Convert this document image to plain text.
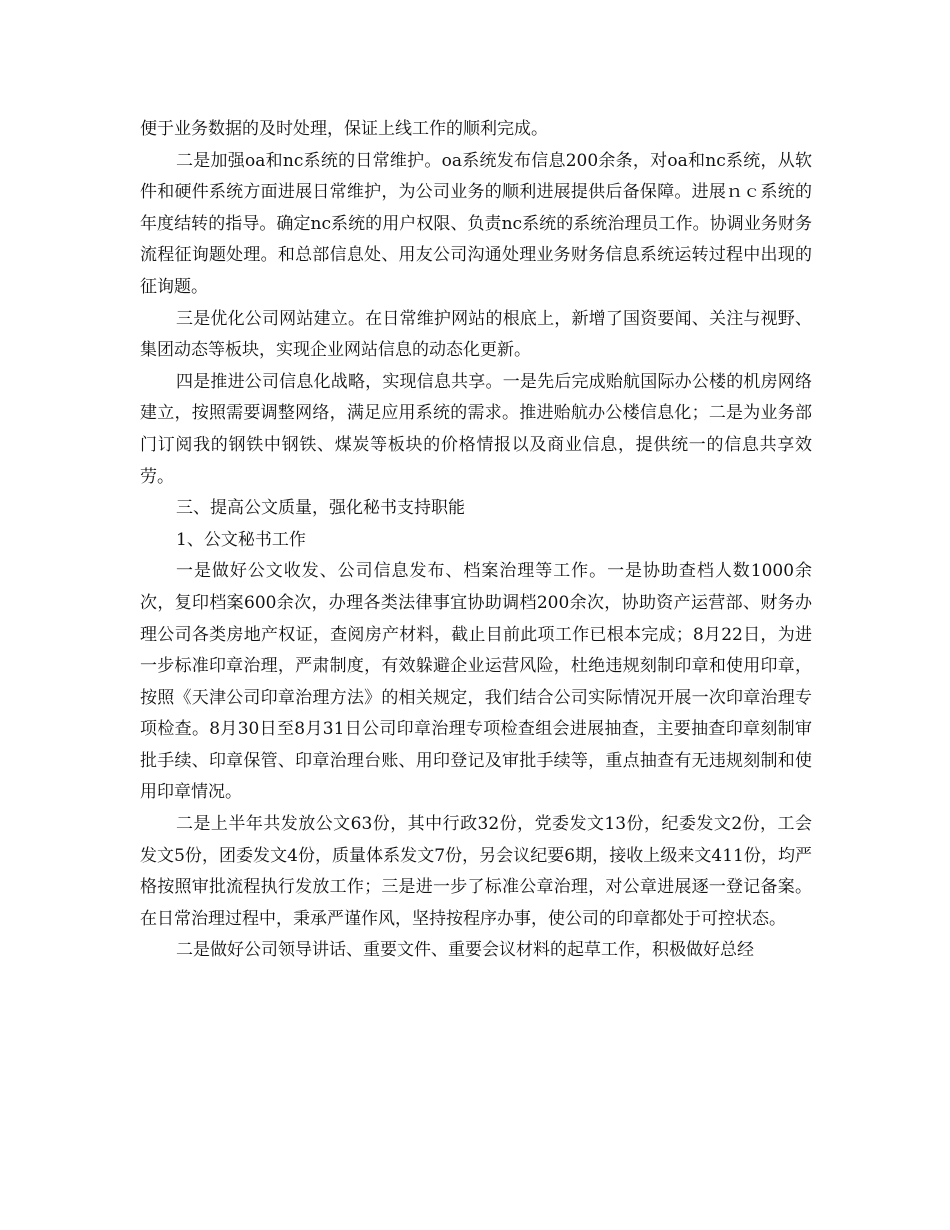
便于业务数据的及时处理，保证上线工作的顺利完成。

二是加强oa和nc系统的日常维护。oa系统发布信息200余条，对oa和nc系统，从软件和硬件系统方面进展日常维护，为公司业务的顺利进展提供后备保障。进展ｎｃ系统的年度结转的指导。确定nc系统的用户权限、负责nc系统的系统治理员工作。协调业务财务流程征询题处理。和总部信息处、用友公司沟通处理业务财务信息系统运转过程中出现的征询题。

三是优化公司网站建立。在日常维护网站的根底上，新增了国资要闻、关注与视野、集团动态等板块，实现企业网站信息的动态化更新。

四是推进公司信息化战略，实现信息共享。一是先后完成贻航国际办公楼的机房网络建立，按照需要调整网络，满足应用系统的需求。推进贻航办公楼信息化；二是为业务部门订阅我的钢铁中钢铁、煤炭等板块的价格情报以及商业信息，提供统一的信息共享效劳。

三、提高公文质量，强化秘书支持职能

1、公文秘书工作

一是做好公文收发、公司信息发布、档案治理等工作。一是协助查档人数1000余次，复印档案600余次，办理各类法律事宜协助调档200余次，协助资产运营部、财务办理公司各类房地产权证，查阅房产材料，截止目前此项工作已根本完成；8月22日，为进一步标准印章治理，严肃制度，有效躲避企业运营风险，杜绝违规刻制印章和使用印章，按照《天津公司印章治理方法》的相关规定，我们结合公司实际情况开展一次印章治理专项检查。8月30日至8月31日公司印章治理专项检查组会进展抽查，主要抽查印章刻制审批手续、印章保管、印章治理台账、用印登记及审批手续等，重点抽查有无违规刻制和使用印章情况。

二是上半年共发放公文63份，其中行政32份，党委发文13份，纪委发文2份，工会发文5份，团委发文4份，质量体系发文7份，另会议纪要6期，接收上级来文411份，均严格按照审批流程执行发放工作；三是进一步了标准公章治理，对公章进展逐一登记备案。在日常治理过程中，秉承严谨作风，坚持按程序办事，使公司的印章都处于可控状态。

二是做好公司领导讲话、重要文件、重要会议材料的起草工作，积极做好总经
